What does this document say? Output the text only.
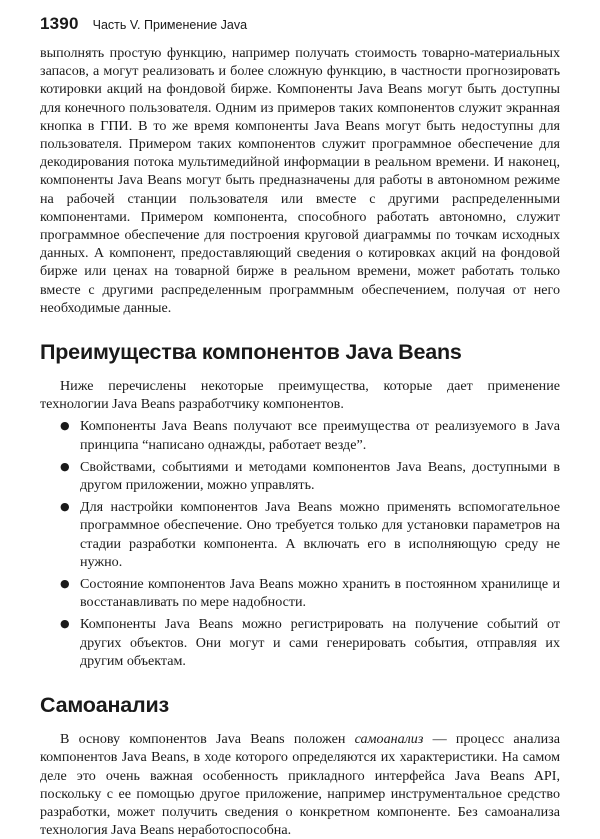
1390 Часть V. Применение Java

выполнять простую функцию, например получать стоимость товарно-материальных запасов, а могут реализовать и более сложную функцию, в частности прогнозировать котировки акций на фондовой бирже. Компоненты Java Beans могут быть доступны для конечного пользователя. Одним из примеров таких компонентов служит экранная кнопка в ГПИ. В то же время компоненты Java Beans могут быть недоступны для пользователя. Примером таких компонентов служит программное обеспечение для декодирования потока мультимедийной информации в реальном времени. И наконец, компоненты Java Beans могут быть предназначены для работы в автономном режиме на рабочей станции пользователя или вместе с другими распределенными компонентами. Примером компонента, способного работать автономно, служит программное обеспечение для построения круговой диаграммы по точкам исходных данных. А компонент, предоставляющий сведения о котировках акций на фондовой бирже или ценах на товарной бирже в реальном времени, может работать только вместе с другими распределенным программным обеспечением, получая от него необходимые данные.

Преимущества компонентов Java Beans

Ниже перечислены некоторые преимущества, которые дает применение технологии Java Beans разработчику компонентов.

● Компоненты Java Beans получают все преимущества от реализуемого в Java принципа “написано однажды, работает везде”.
● Свойствами, событиями и методами компонентов Java Beans, доступными в другом приложении, можно управлять.
● Для настройки компонентов Java Beans можно применять вспомогательное программное обеспечение. Оно требуется только для установки параметров на стадии разработки компонента. А включать его в исполняющую среду не нужно.
● Состояние компонентов Java Beans можно хранить в постоянном хранилище и восстанавливать по мере надобности.
● Компоненты Java Beans можно регистрировать на получение событий от других объектов. Они могут и сами генерировать события, отправляя их другим объектам.
Самоанализ

В основу компонентов Java Beans положен самоанализ — процесс анализа компонентов Java Beans, в ходе которого определяются их характеристики. На самом деле это очень важная особенность прикладного интерфейса Java Beans API, поскольку с ее помощью другое приложение, например инструментальное средство разработки, может получить сведения о конкретном компоненте. Без самоанализа технология Java Beans неработоспособна.
